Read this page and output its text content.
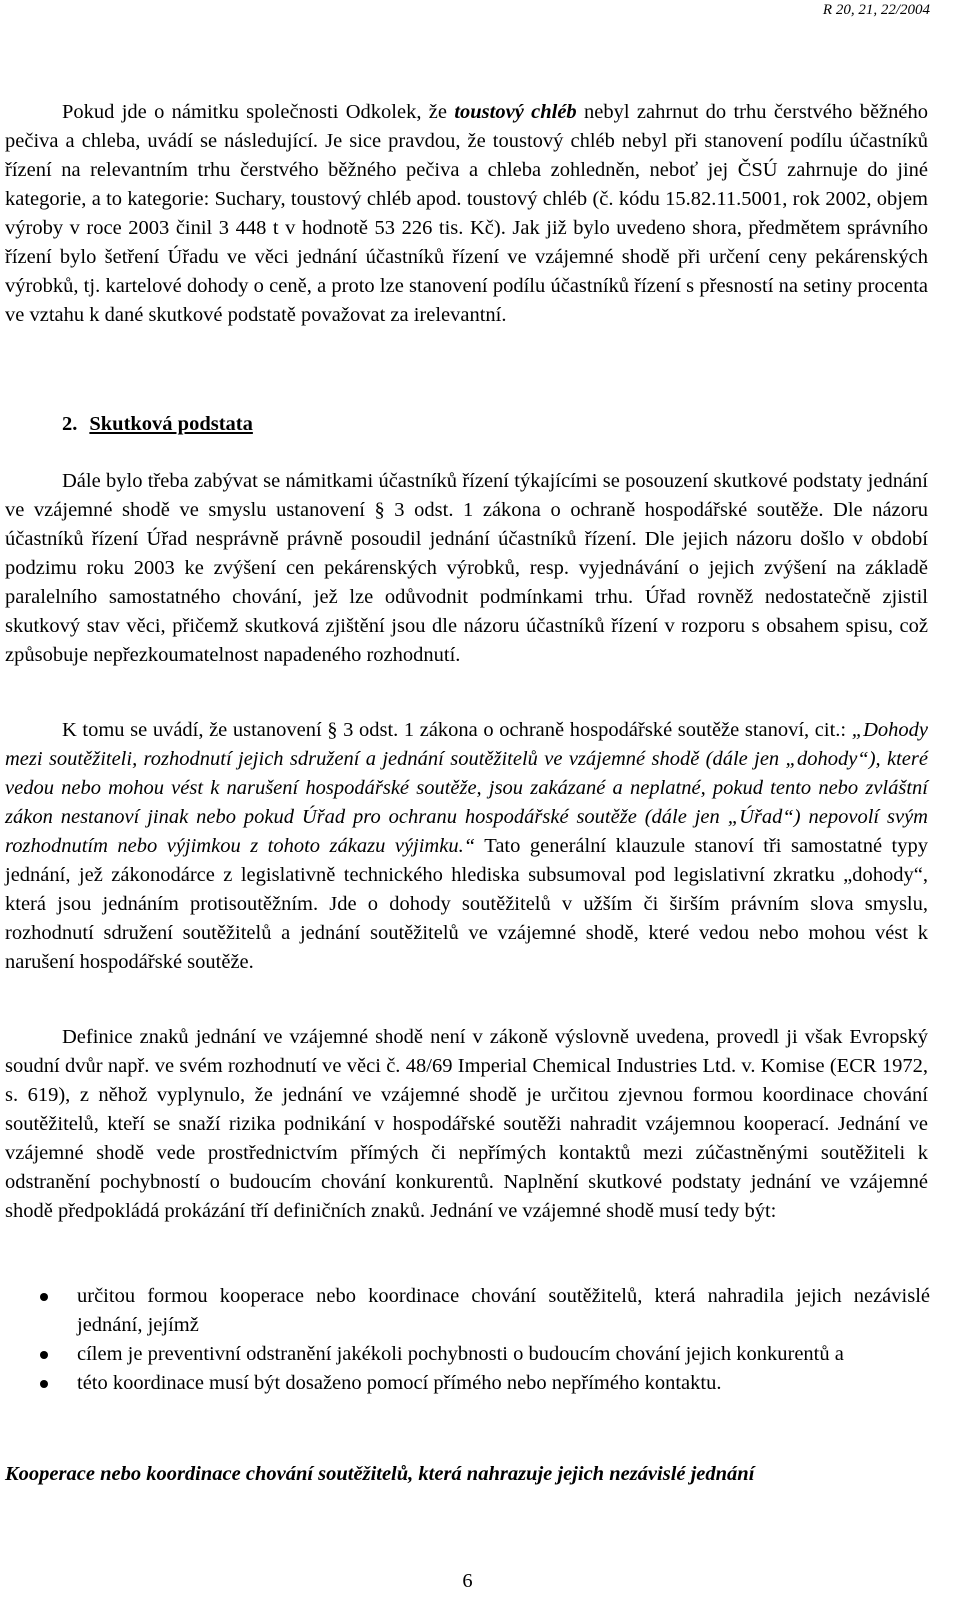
R 20, 21, 22/2004

Pokud jde o námitku společnosti Odkolek, že toustový chléb nebyl zahrnut do trhu čerstvého běžného pečiva a chleba, uvádí se následující. Je sice pravdou, že toustový chléb nebyl při stanovení podílu účastníků řízení na relevantním trhu čerstvého běžného pečiva a chleba zohledněn, neboť jej ČSÚ zahrnuje do jiné kategorie, a to kategorie: Suchary, toustový chléb apod. toustový chléb (č. kódu 15.82.11.5001, rok 2002, objem výroby v roce 2003 činil 3 448 t v hodnotě 53 226 tis. Kč). Jak již bylo uvedeno shora, předmětem správního řízení bylo šetření Úřadu ve věci jednání účastníků řízení ve vzájemné shodě při určení ceny pekárenských výrobků, tj. kartelové dohody o ceně, a proto lze stanovení podílu účastníků řízení s přesností na setiny procenta ve vztahu k dané skutkové podstatě považovat za irelevantní.

2. Skutková podstata

Dále bylo třeba zabývat se námitkami účastníků řízení týkajícími se posouzení skutkové podstaty jednání ve vzájemné shodě ve smyslu ustanovení § 3 odst. 1 zákona o ochraně hospodářské soutěže. Dle názoru účastníků řízení Úřad nesprávně právně posoudil jednání účastníků řízení. Dle jejich názoru došlo v období podzimu roku 2003 ke zvýšení cen pekárenských výrobků, resp. vyjednávání o jejich zvýšení na základě paralelního samostatného chování, jež lze odůvodnit podmínkami trhu. Úřad rovněž nedostatečně zjistil skutkový stav věci, přičemž skutková zjištění jsou dle názoru účastníků řízení v rozporu s obsahem spisu, což způsobuje nepřezkoumatelnost napadeného rozhodnutí.

K tomu se uvádí, že ustanovení § 3 odst. 1 zákona o ochraně hospodářské soutěže stanoví, cit.: „Dohody mezi soutěžiteli, rozhodnutí jejich sdružení a jednání soutěžitelů ve vzájemné shodě (dále jen „dohody“), které vedou nebo mohou vést k narušení hospodářské soutěže, jsou zakázané a neplatné, pokud tento nebo zvláštní zákon nestanoví jinak nebo pokud Úřad pro ochranu hospodářské soutěže (dále jen „Úřad“) nepovolí svým rozhodnutím nebo výjimkou z tohoto zákazu výjimku.“ Tato generální klauzule stanoví tři samostatné typy jednání, jež zákonodárce z legislativně technického hlediska subsumoval pod legislativní zkratku „dohody“, která jsou jednáním protisoutěžním. Jde o dohody soutěžitelů v užším či širším právním slova smyslu, rozhodnutí sdružení soutěžitelů a jednání soutěžitelů ve vzájemné shodě, které vedou nebo mohou vést k narušení hospodářské soutěže.

Definice znaků jednání ve vzájemné shodě není v zákoně výslovně uvedena, provedl ji však Evropský soudní dvůr např. ve svém rozhodnutí ve věci č. 48/69 Imperial Chemical Industries Ltd. v. Komise (ECR 1972, s. 619), z něhož vyplynulo, že jednání ve vzájemné shodě je určitou zjevnou formou koordinace chování soutěžitelů, kteří se snaží rizika podnikání v hospodářské soutěži nahradit vzájemnou kooperací. Jednání ve vzájemné shodě vede prostřednictvím přímých či nepřímých kontaktů mezi zúčastněnými soutěžiteli k odstranění pochybností o budoucím chování konkurentů. Naplnění skutkové podstaty jednání ve vzájemné shodě předpokládá prokázání tří definičních znaků. Jednání ve vzájemné shodě musí tedy být:

určitou formou kooperace nebo koordinace chování soutěžitelů, která nahradila jejich nezávislé jednání, jejímž
cílem je preventivní odstranění jakékoli pochybnosti o budoucím chování jejich konkurentů a
této koordinace musí být dosaženo pomocí přímého nebo nepřímého kontaktu.
Kooperace nebo koordinace chování soutěžitelů, která nahrazuje jejich nezávislé jednání
6
